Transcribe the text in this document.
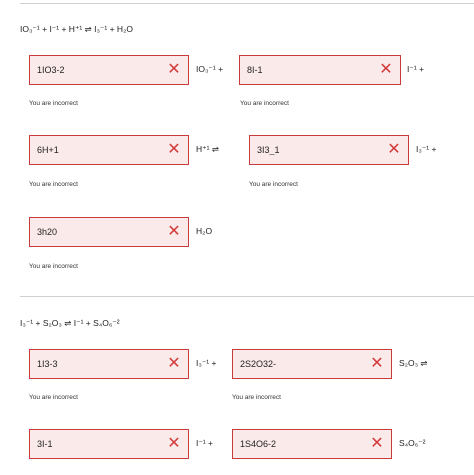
IO₃⁻¹ + I⁻¹ + H⁺¹ ⇌ I₃⁻¹ + H₂O
1IO3-2
✕ IO₃⁻¹ +
8I-1	✕ I⁻¹ +
You are incorrect	You are incorrect
6H+1
✕ H⁺¹ ⇌
3I3_1	✕ I₃⁻¹ +
You are incorrect	You are incorrect
3h20
✕ H₂O
You are incorrect
I₃⁻¹ + S₂O₃ ⇌ I⁻¹ + S₄O₆⁻²
1I3-3
✕ I₃⁻¹ +
2S2O32-	✕ S₂O₃ ⇌
You are incorrect	You are incorrect
3I-1
✕ I⁻¹ +
1S4O6-2	✕ S₄O₆⁻²
